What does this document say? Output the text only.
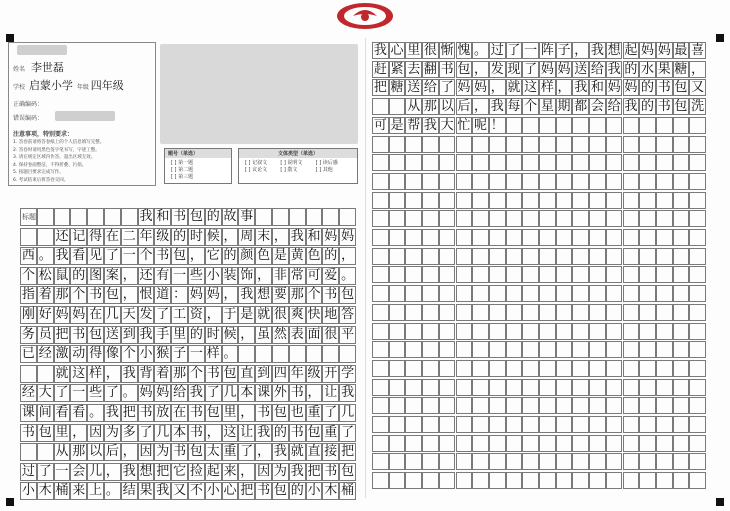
姓名 李世磊
学校 启蒙小学 年级 四年级
正确编码：
错误编码：
注意事项，特别要求：
1. 答卷前请将答卷纸上的个人信息填写完整。
2. 答卷时请用黑色签字笔书写，字迹工整。
3. 请在规定区域内作答，超出区域无效。
4. 保持卷面整洁，不得折叠、污损。
5. 按题目要求完成写作。
6. 考试结束后将答卷交回。
题号（单选）
[ ] 第一题
[ ] 第二题
[ ] 第三题
文体类型（单选）
[ ] 记叙文	[ ] 说明文	[ ] 读后感
[ ] 议论文	[ ] 散文	[ ] 其他
标题：	我 和 书 包 的 故 事
还 记 得 在 二 年 级 的 时 候 ， 周 末 ， 我 和 妈 妈
西 。 我 看 见 了 一 个 书 包 ， 它 的 颜 色 是 黄 色 的 ，
个 松 鼠 的 图 案 ， 还 有 一 些 小 装 饰 ， 非 常 可 爱 。
指 着 那 个 书 包 ， 恨 道 ： 妈 妈 ， 我 想 要 那 个 书 包
刚 好 妈 妈 在 几 天 发 了 工 资 ， 于 是 就 很 爽 快 地 答
务 员 把 书 包 送 到 我 手 里 的 时 候 ， 虽 然 表 面 很 平
已 经 激 动 得 像 个 小 猴 子 一 样 。
就 这 样 ， 我 背 着 那 个 书 包 直 到 四 年 级 开 学
经 大 了 一 些 了 。 妈 妈 给 我 了 几 本 课 外 书 ， 让 我
课 间 看 看 。 我 把 书 放 在 书 包 里 ， 书 包 也 重 了 几
书 包 里 ， 因 为 多 了 几 本 书 ， 这 让 我 的 书 包 重 了
从 那 以 后 ， 因 为 书 包 太 重 了 ， 我 就 直 接 把
过 了 一 会 儿 ， 我 想 把 它 捡 起 来 ， 因 为 我 把 书 包
小 木 桶 来 上 。 结 果 我 又 不 小 心 把 书 包 的 小 木 桶
我 心 里 很 惭 愧 。 过 了 一 阵 子 ， 我 想 起 妈 妈 最 喜
赶 紧 去 翻 书 包 ， 发 现 了 妈 妈 送 给 我 的 水 果 糖 ，
把 糖 送 给 了 妈 妈 ， 就 这 样 ， 我 和 妈 妈 的 书 包 又
从 那 以 后 ， 我 每 个 星 期 都 会 给 我 的 书 包 洗
可 是 帮 我 大 忙 呢 ！
